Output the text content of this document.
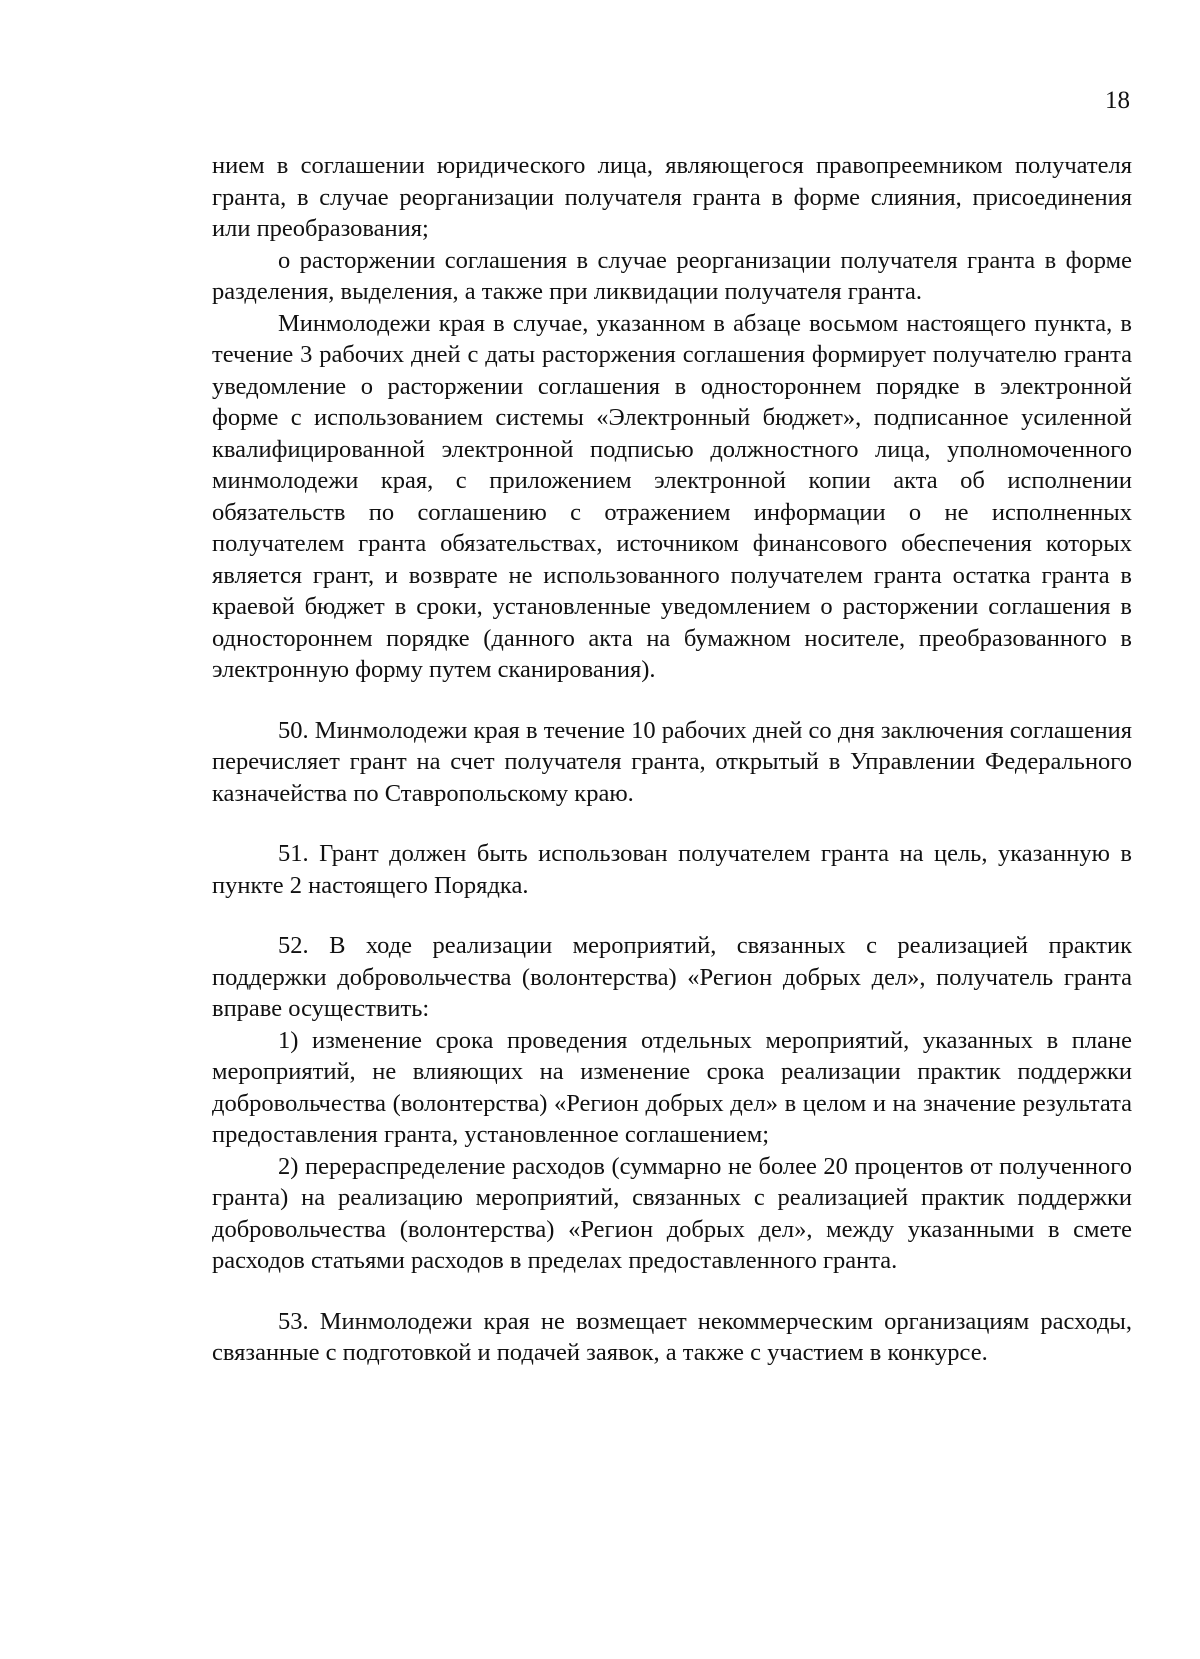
18

нием в соглашении юридического лица, являющегося правопреемником получателя гранта, в случае реорганизации получателя гранта в форме слияния, присоединения или преобразования;

о расторжении соглашения в случае реорганизации получателя гранта в форме разделения, выделения, а также при ликвидации получателя гранта.

Минмолодежи края в случае, указанном в абзаце восьмом настоящего пункта, в течение 3 рабочих дней с даты расторжения соглашения формирует получателю гранта уведомление о расторжении соглашения в одностороннем порядке в электронной форме с использованием системы «Электронный бюджет», подписанное усиленной квалифицированной электронной подписью должностного лица, уполномоченного минмолодежи края, с приложением электронной копии акта об исполнении обязательств по соглашению с отражением информации о не исполненных получателем гранта обязательствах, источником финансового обеспечения которых является грант, и возврате не использованного получателем гранта остатка гранта в краевой бюджет в сроки, установленные уведомлением о расторжении соглашения в одностороннем порядке (данного акта на бумажном носителе, преобразованного в электронную форму путем сканирования).

50. Минмолодежи края в течение 10 рабочих дней со дня заключения соглашения перечисляет грант на счет получателя гранта, открытый в Управлении Федерального казначейства по Ставропольскому краю.

51. Грант должен быть использован получателем гранта на цель, указанную в пункте 2 настоящего Порядка.

52. В ходе реализации мероприятий, связанных с реализацией практик поддержки добровольчества (волонтерства) «Регион добрых дел», получатель гранта вправе осуществить:

1) изменение срока проведения отдельных мероприятий, указанных в плане мероприятий, не влияющих на изменение срока реализации практик поддержки добровольчества (волонтерства) «Регион добрых дел» в целом и на значение результата предоставления гранта, установленное соглашением;

2) перераспределение расходов (суммарно не более 20 процентов от полученного гранта) на реализацию мероприятий, связанных с реализацией практик поддержки добровольчества (волонтерства) «Регион добрых дел», между указанными в смете расходов статьями расходов в пределах предоставленного гранта.

53. Минмолодежи края не возмещает некоммерческим организациям расходы, связанные с подготовкой и подачей заявок, а также с участием в конкурсе.
